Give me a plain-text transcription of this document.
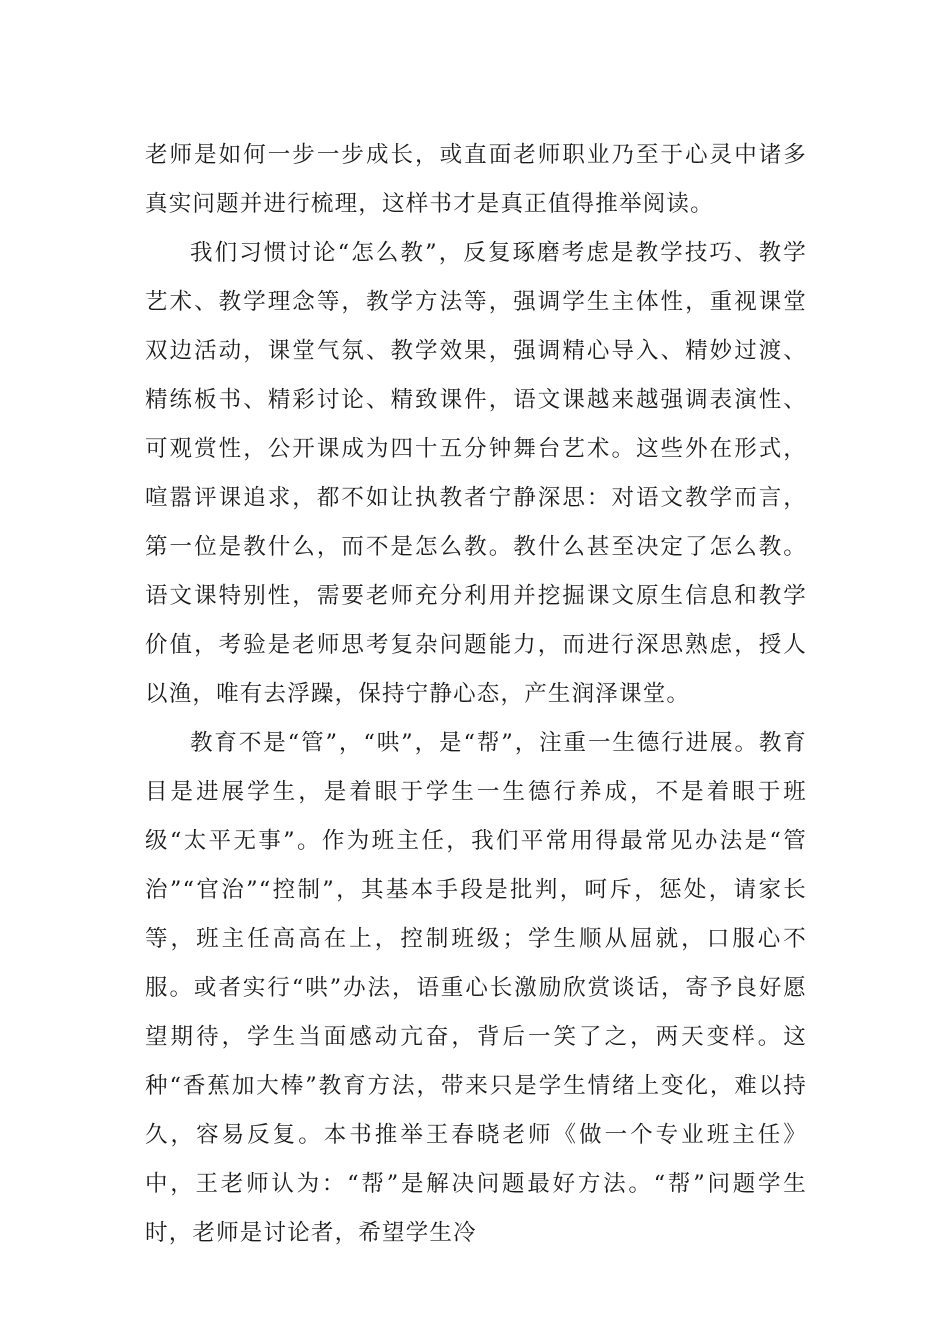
老师是如何一步一步成长，或直面老师职业乃至于心灵中诸多真实问题并进行梳理，这样书才是真正值得推举阅读。

我们习惯讨论“怎么教”，反复琢磨考虑是教学技巧、教学艺术、教学理念等，教学方法等，强调学生主体性，重视课堂双边活动，课堂气氛、教学效果，强调精心导入、精妙过渡、精练板书、精彩讨论、精致课件，语文课越来越强调表演性、可观赏性，公开课成为四十五分钟舞台艺术。这些外在形式，喧嚣评课追求，都不如让执教者宁静深思：对语文教学而言，第一位是教什么，而不是怎么教。教什么甚至决定了怎么教。语文课特别性，需要老师充分利用并挖掘课文原生信息和教学价值，考验是老师思考复杂问题能力，而进行深思熟虑，授人以渔，唯有去浮躁，保持宁静心态，产生润泽课堂。

教育不是“管”，“哄”，是“帮”，注重一生德行进展。教育目是进展学生，是着眼于学生一生德行养成，不是着眼于班级“太平无事”。作为班主任，我们平常用得最常见办法是“管治”“官治”“控制”，其基本手段是批判，呵斥，惩处，请家长等，班主任高高在上，控制班级；学生顺从屈就，口服心不服。或者实行“哄”办法，语重心长激励欣赏谈话，寄予良好愿望期待，学生当面感动亢奋，背后一笑了之，两天变样。这种“香蕉加大棒”教育方法，带来只是学生情绪上变化，难以持久，容易反复。本书推举王春晓老师《做一个专业班主任》中，王老师认为：“帮”是解决问题最好方法。“帮”问题学生时，老师是讨论者，希望学生冷
